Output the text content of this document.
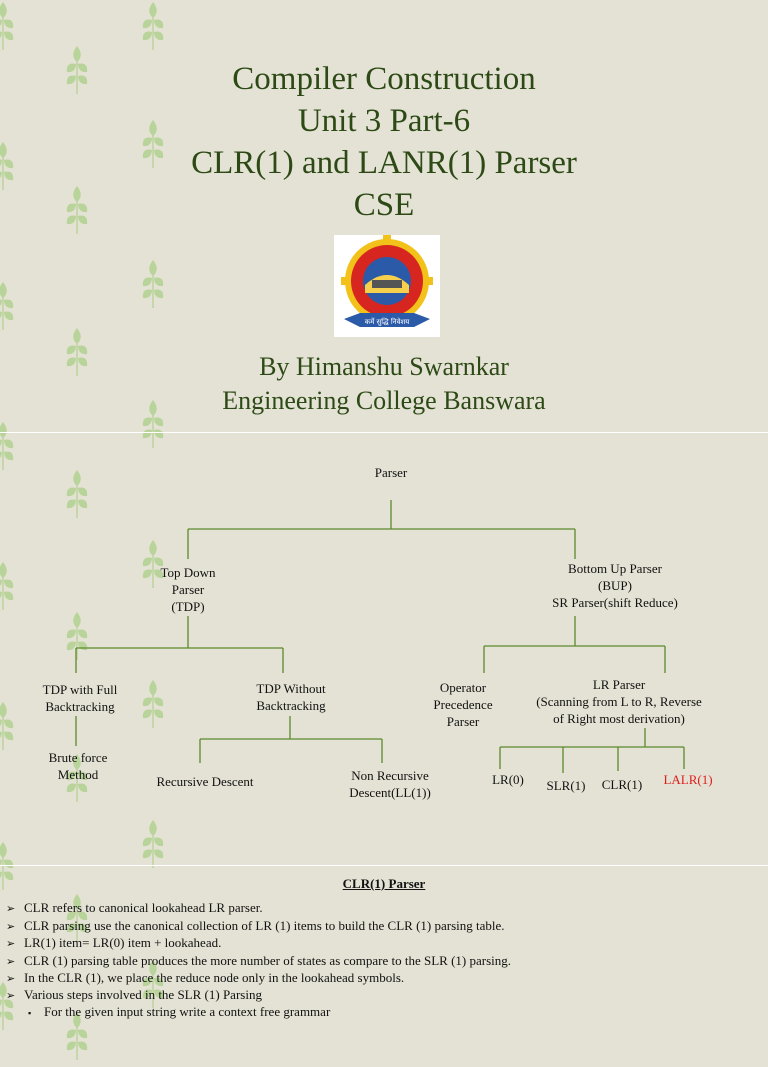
Compiler Construction
Unit 3 Part-6
CLR(1) and LANR(1) Parser
CSE
कर्मे सुद्धि निवेशय
By Himanshu Swarnkar
Engineering College Banswara
Parser
Top Down
Parser
(TDP)
Bottom Up Parser
(BUP)
SR Parser(shift Reduce)
TDP with Full
Backtracking
TDP Without
Backtracking
Brute force
Method	Recursive Descent	Non Recursive
Descent(LL(1))
Operator
Precedence
Parser
LR Parser
(Scanning from L to R, Reverse
of Right most derivation)
LR(0)	SLR(1)	CLR(1)	LALR(1)
CLR(1) Parser
➢ CLR refers to canonical lookahead LR parser.
➢ CLR parsing use the canonical collection of LR (1) items to build the CLR (1) parsing table.
➢ LR(1) item= LR(0) item + lookahead.
➢ CLR (1) parsing table produces the more number of states as compare to the SLR (1) parsing.
➢ In the CLR (1), we place the reduce node only in the lookahead symbols.
➢ Various steps involved in the SLR (1) Parsing
▪ For the given input string write a context free grammar
